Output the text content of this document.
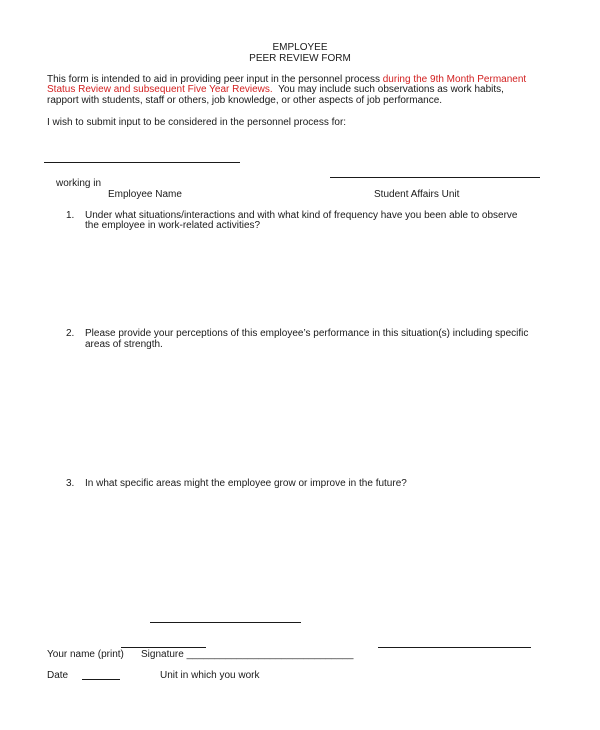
EMPLOYEE
PEER REVIEW FORM
This form is intended to aid in providing peer input in the personnel process during the 9th Month Permanent
Status Review and subsequent Five Year Reviews.  You may include such observations as work habits,
rapport with students, staff or others, job knowledge, or other aspects of job performance.
I wish to submit input to be considered in the personnel process for:
working in
Employee Name	Student Affairs Unit
1. Under what situations/interactions and with what kind of frequency have you been able to observe
the employee in work-related activities?
2. Please provide your perceptions of this employee’s performance in this situation(s) including specific
areas of strength.
3. In what specific areas might the employee grow or improve in the future?
Your name (print) Signature ______________________________
Date	Unit in which you work
